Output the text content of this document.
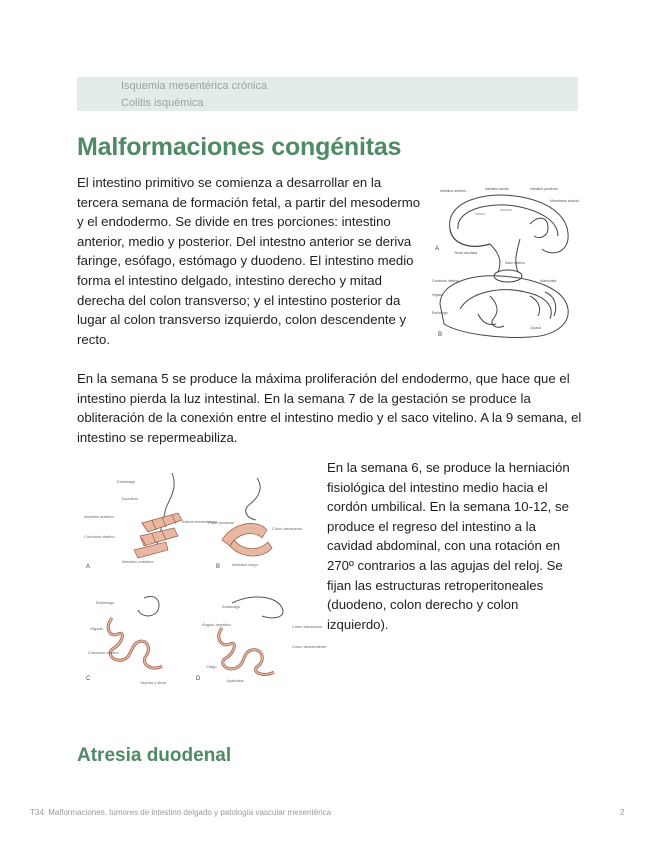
Isquemia mesentérica crónica
Colitis isquémica
Malformaciones congénitas

El intestino primitivo se comienza a desarrollar en la tercera semana de formación fetal, a partir del mesodermo y el endodermo. Se divide en tres porciones: intestino anterior, medio y posterior. Del intestno anterior se deriva faringe, esófago, estómago y duodeno. El intestino medio forma el intestino delgado, intestino derecho y mitad derecha del colon transverso; y el intestino posterior da lugar al colon transverso izquierdo, colon descendente y recto.

Intestino anterior	Intestino medio	Intestino posterior
Membrana cloacal
Yema cardíaca
Saco vitelino
Conducto vitelino
Hígado
Alantoides
Estómago
Cloaca
A
B

En la semana 5 se produce la máxima proliferación del endodermo, que hace que el intestino pierda la luz intestinal. En la semana 7 de la gestación se produce la obliteración de la conexión entre el intestino medio y el saco vitelino. A la 9 semana, el intestino se repermeabiliza.

Estómago
Duodeno
Intestino anterior
Conducto vitelino
Arteria mesentérica
Intestino posterior
Parte proximal
Colon transverso
Intestino ciego
Estómago
Hígado
Conducto vitelino
Yeyuno e ileon
Estómago
Ángulo hepático	Colon transverso
Colon descendente
Ciego
Apéndice
A	B
C	D

En la semana 6, se produce la herniación fisiológica del intestino medio hacia el cordón umbilical. En la semana 10-12, se produce el regreso del intestino a la cavidad abdominal, con una rotación en 270º contrarios a las agujas del reloj. Se fijan las estructuras retroperitoneales (duodeno, colon derecho y colon izquierdo).

Atresia duodenal
T34: Malformaciones, tumores de intestino delgado y patología vascular mesentérica	2
